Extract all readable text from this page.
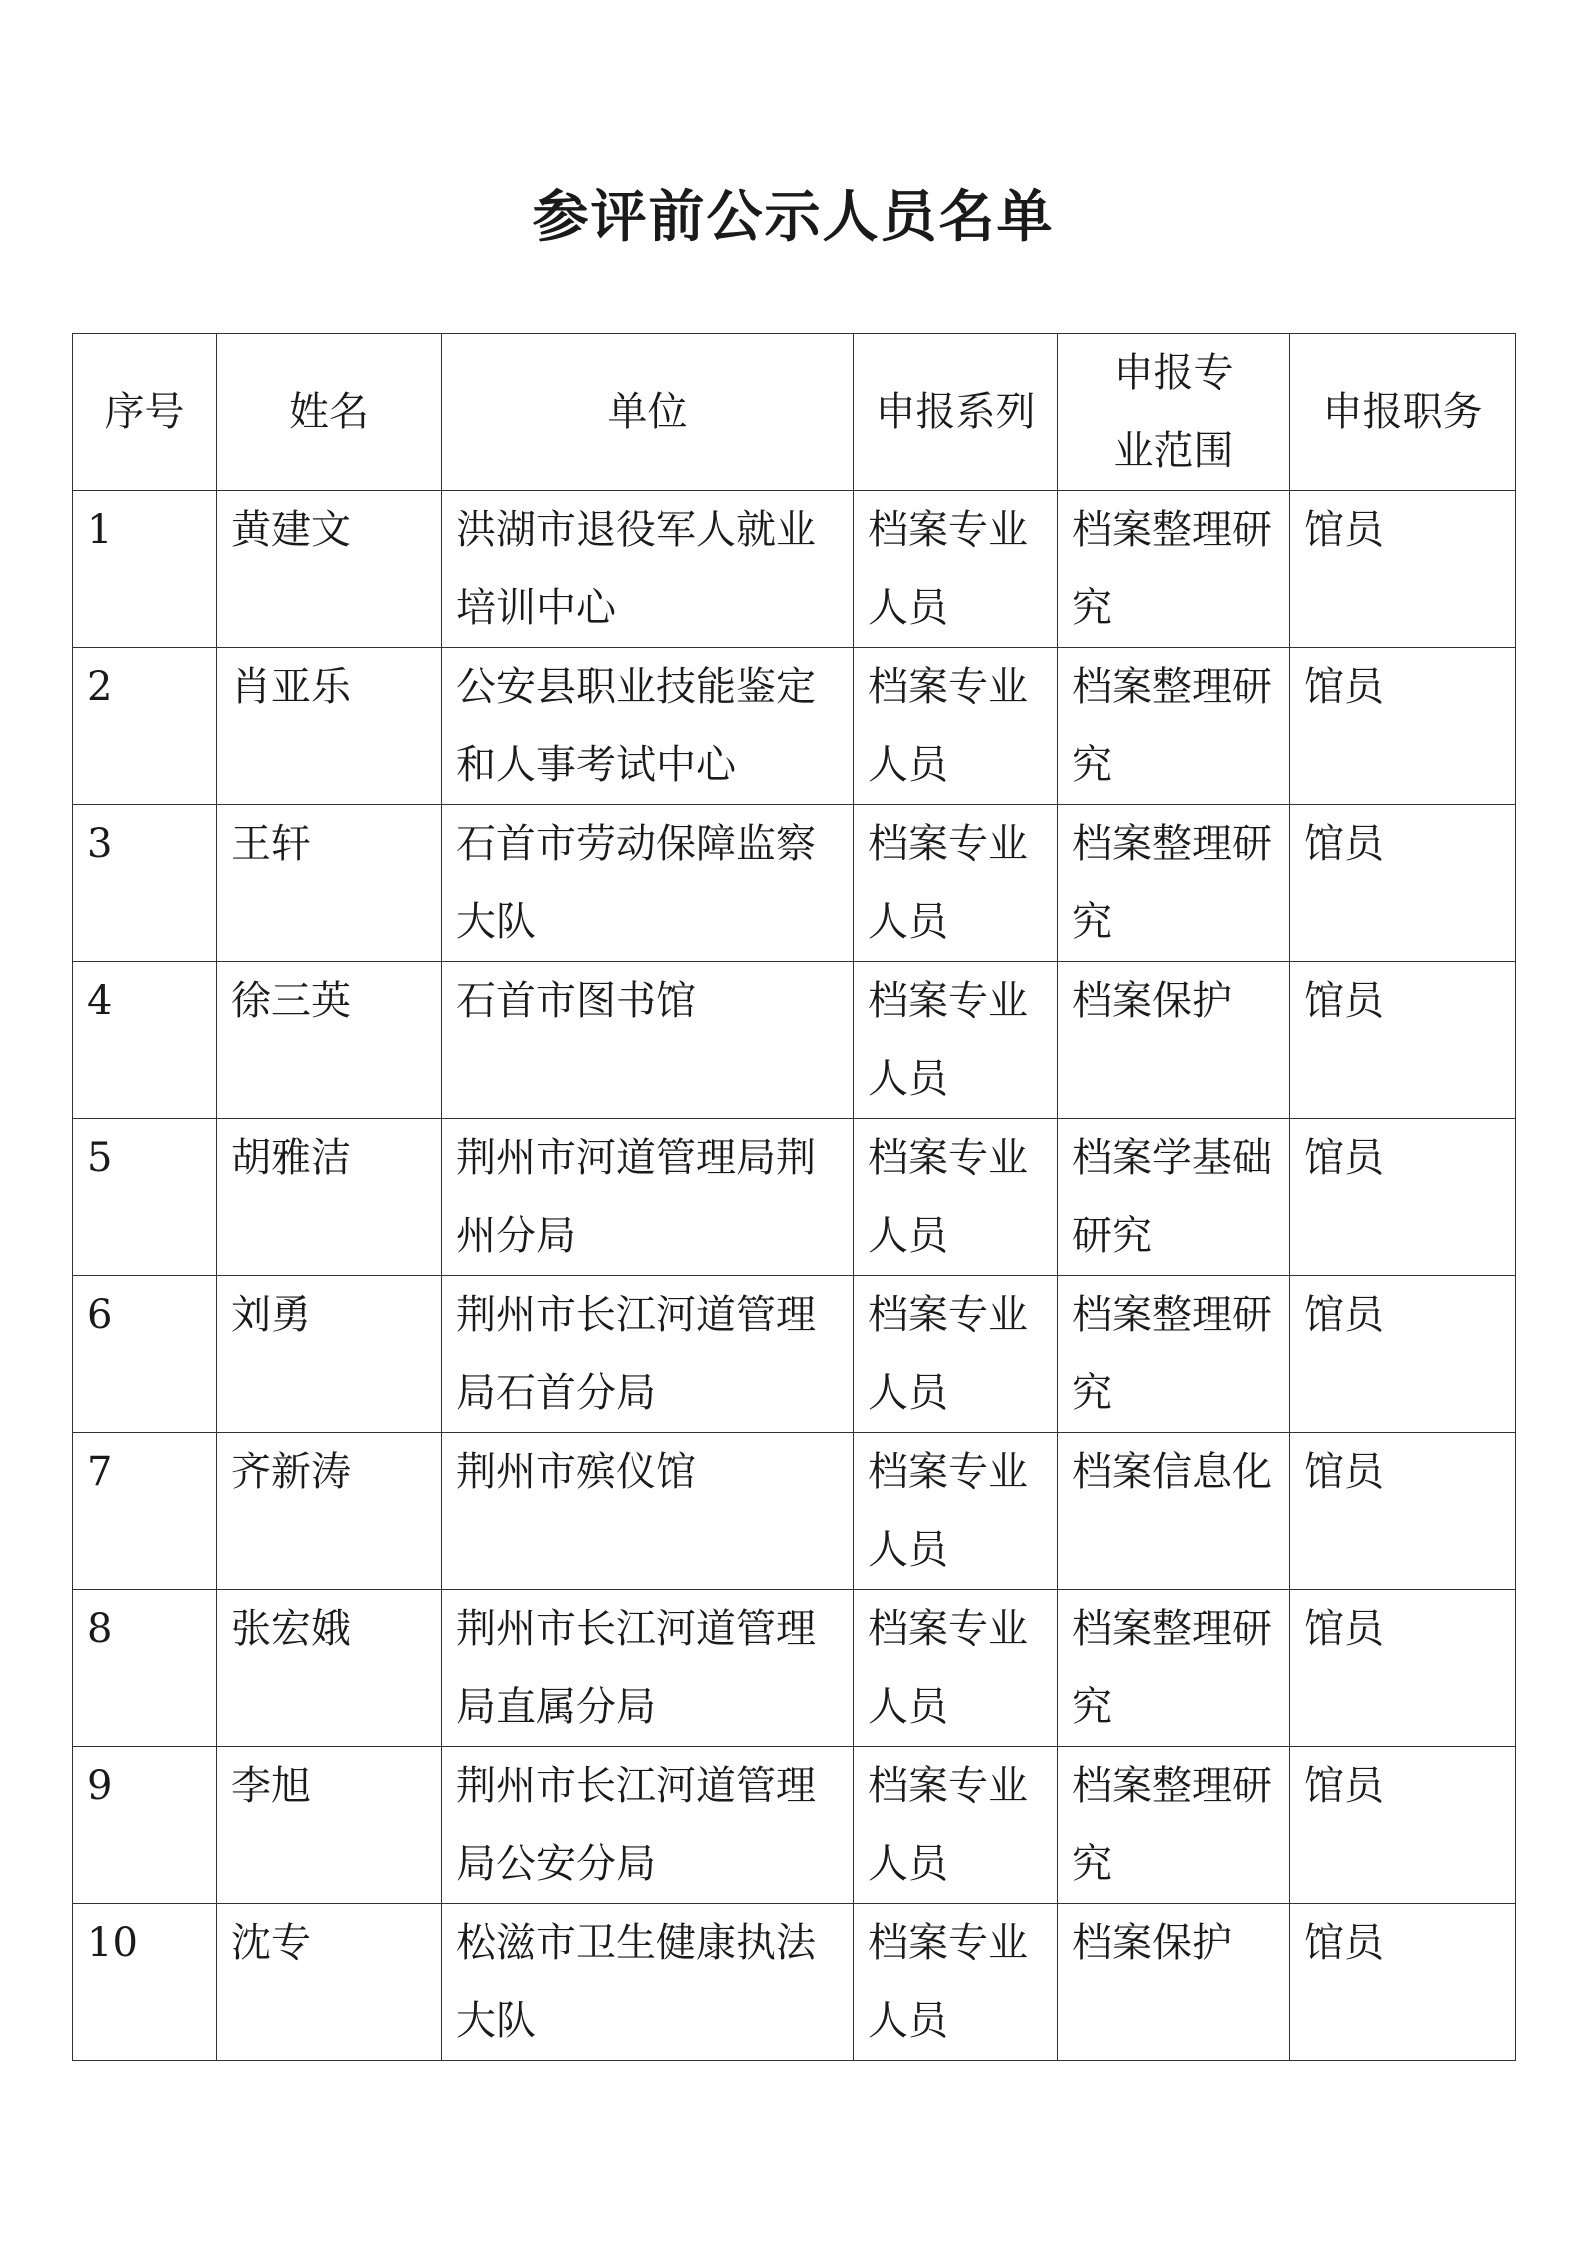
参评前公示人员名单
序号	姓名	单位	申报系列	申报专业范围	申报职务
1	黄建文	洪湖市退役军人就业培训中心	档案专业人员	档案整理研究	馆员
2	肖亚乐	公安县职业技能鉴定和人事考试中心	档案专业人员	档案整理研究	馆员
3	王轩	石首市劳动保障监察大队	档案专业人员	档案整理研究	馆员
4	徐三英	石首市图书馆	档案专业人员	档案保护	馆员
5	胡雅洁	荆州市河道管理局荆州分局	档案专业人员	档案学基础研究	馆员
6	刘勇	荆州市长江河道管理局石首分局	档案专业人员	档案整理研究	馆员
7	齐新涛	荆州市殡仪馆	档案专业人员	档案信息化	馆员
8	张宏娥	荆州市长江河道管理局直属分局	档案专业人员	档案整理研究	馆员
9	李旭	荆州市长江河道管理局公安分局	档案专业人员	档案整理研究	馆员
10	沈专	松滋市卫生健康执法大队	档案专业人员	档案保护	馆员
